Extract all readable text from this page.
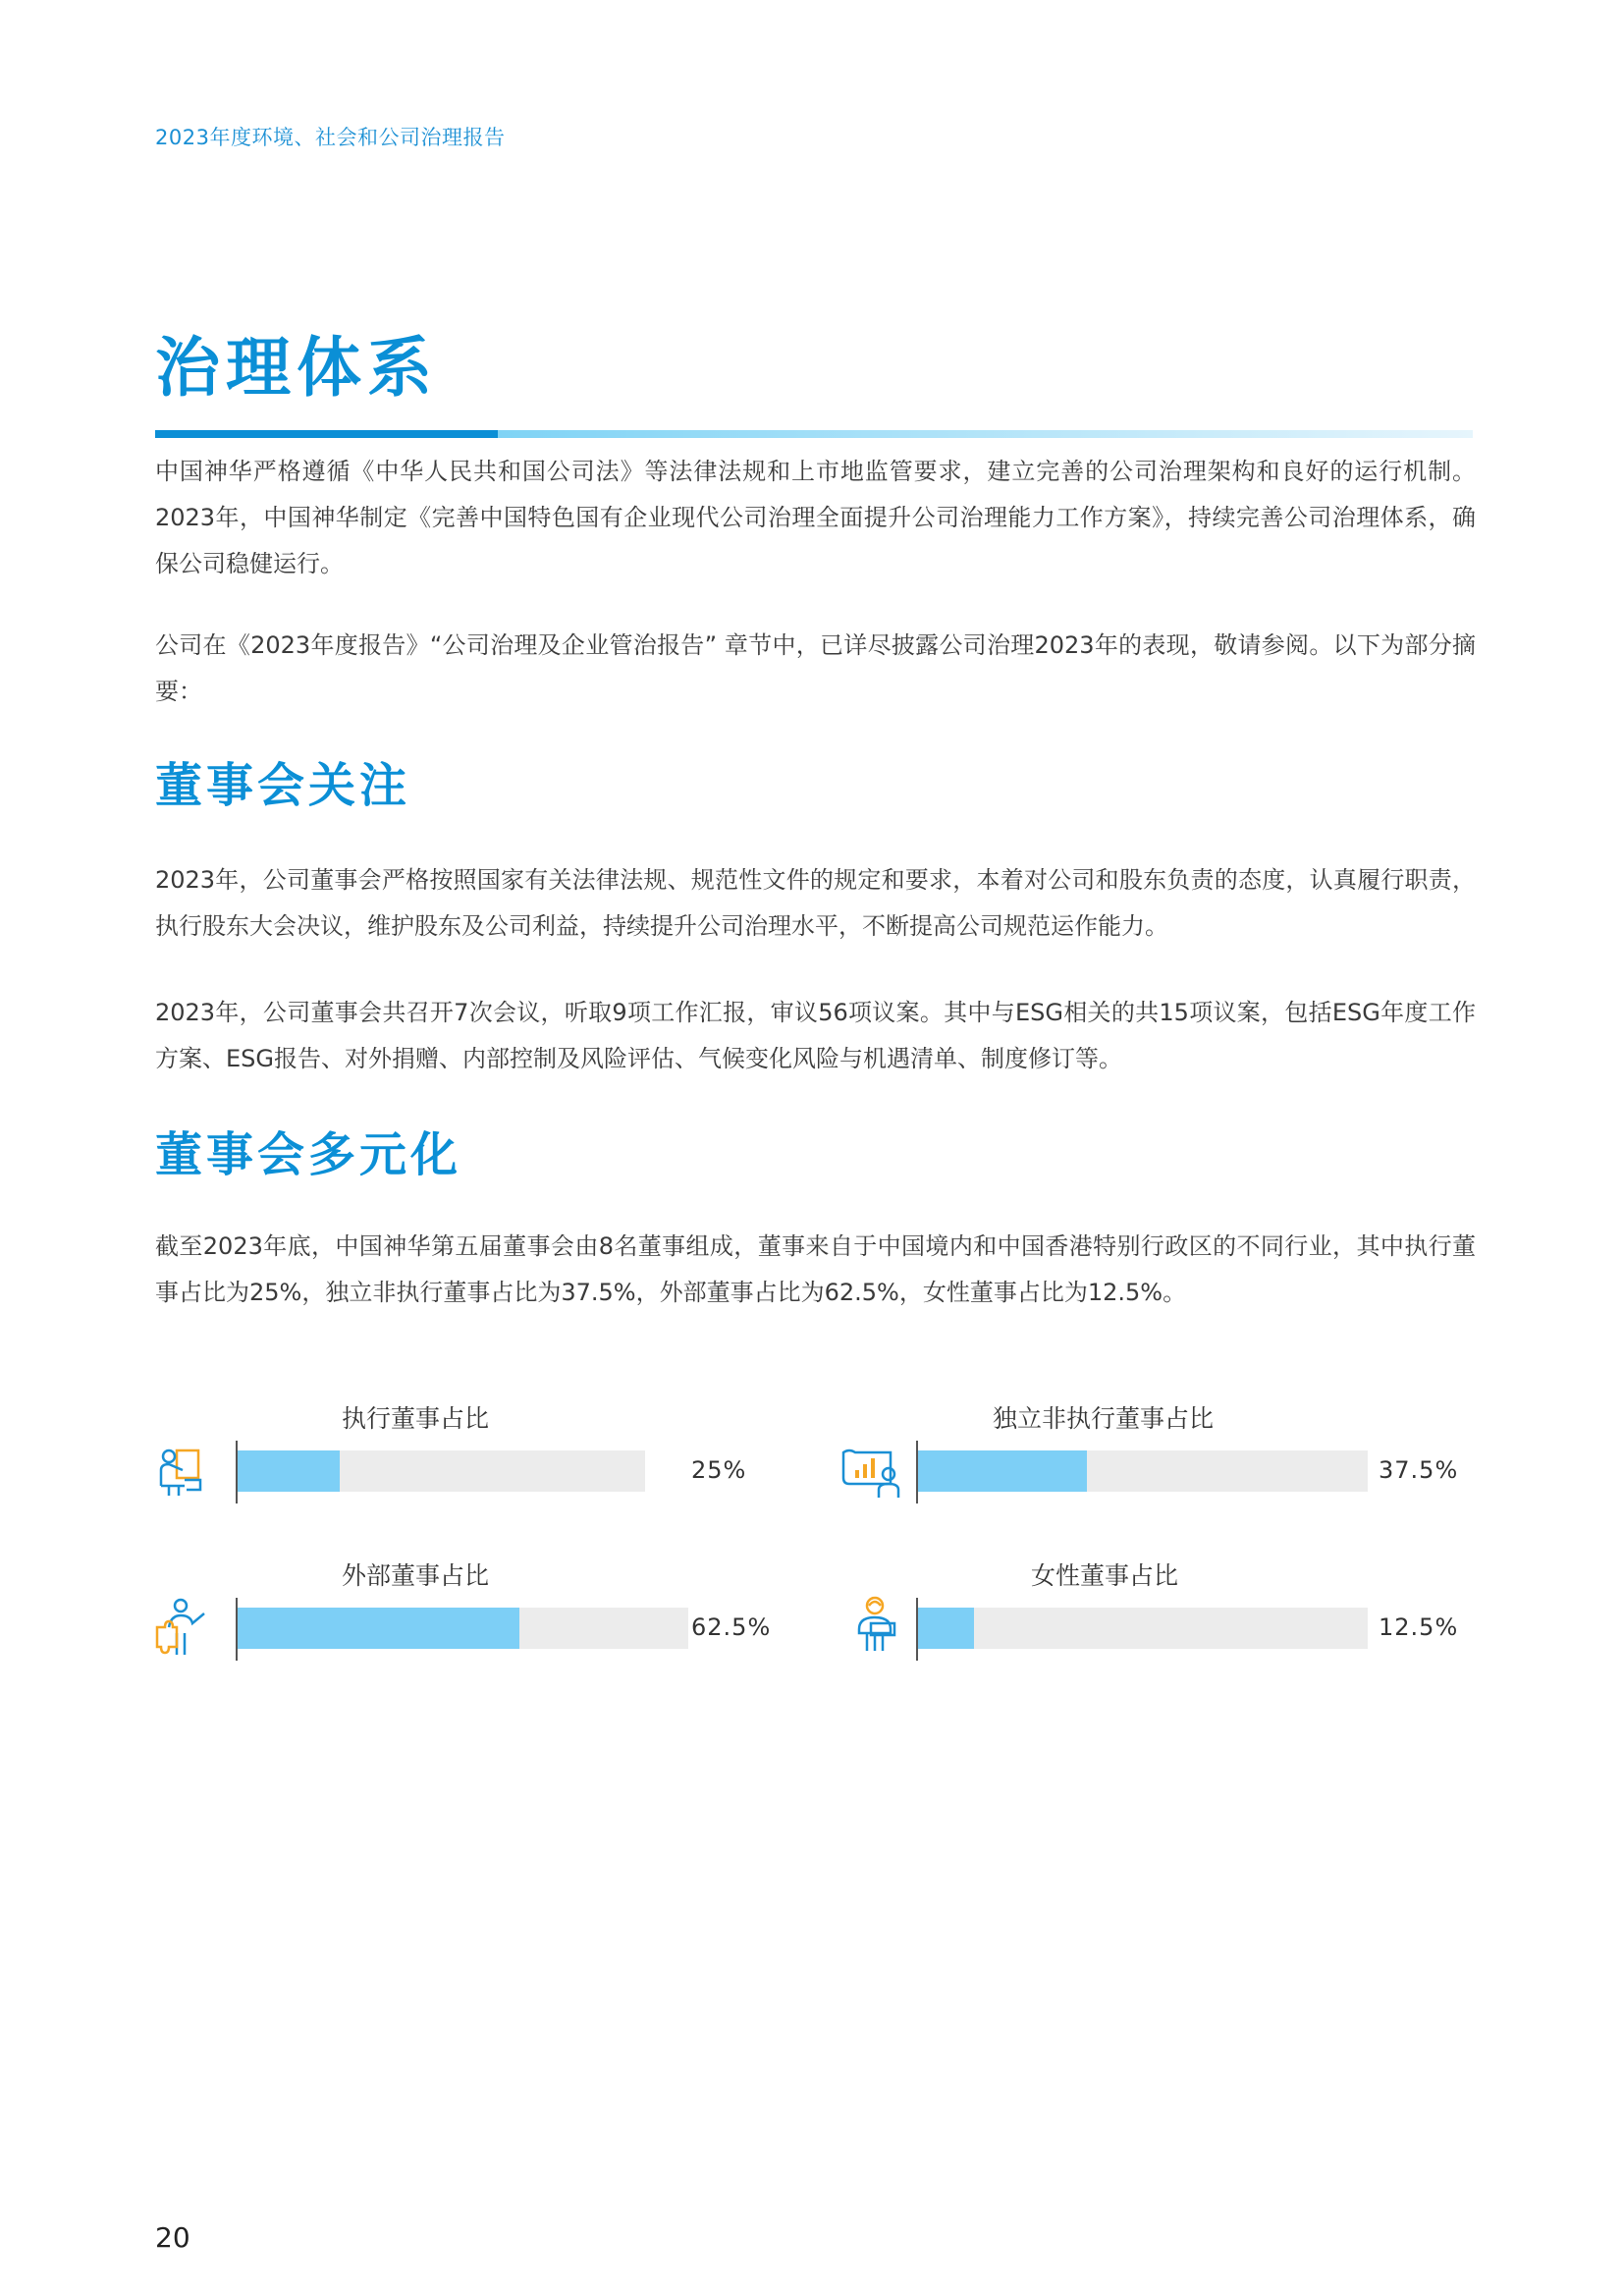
2023年度环境、社会和公司治理报告
治理体系

中国神华严格遵循《中华人民共和国公司法》等法律法规和上市地监管要求，建立完善的公司治理架构和良好的运行机制。2023年，中国神华制定《完善中国特色国有企业现代公司治理全面提升公司治理能力工作方案》，持续完善公司治理体系，确保公司稳健运行。

公司在《2023年度报告》“公司治理及企业管治报告” 章节中，已详尽披露公司治理2023年的表现，敬请参阅。以下为部分摘要：

董事会关注

2023年，公司董事会严格按照国家有关法律法规、规范性文件的规定和要求，本着对公司和股东负责的态度，认真履行职责，执行股东大会决议，维护股东及公司利益，持续提升公司治理水平，不断提高公司规范运作能力。

2023年，公司董事会共召开7次会议，听取9项工作汇报，审议56项议案。其中与ESG相关的共15项议案，包括ESG年度工作方案、ESG报告、对外捐赠、内部控制及风险评估、气候变化风险与机遇清单、制度修订等。

董事会多元化

截至2023年底，中国神华第五届董事会由8名董事组成，董事来自于中国境内和中国香港特别行政区的不同行业，其中执行董事占比为25%，独立非执行董事占比为37.5%，外部董事占比为62.5%，女性董事占比为12.5%。

执行董事占比
25%
独立非执行董事占比
37.5%
外部董事占比
62.5%
女性董事占比
12.5%
20
